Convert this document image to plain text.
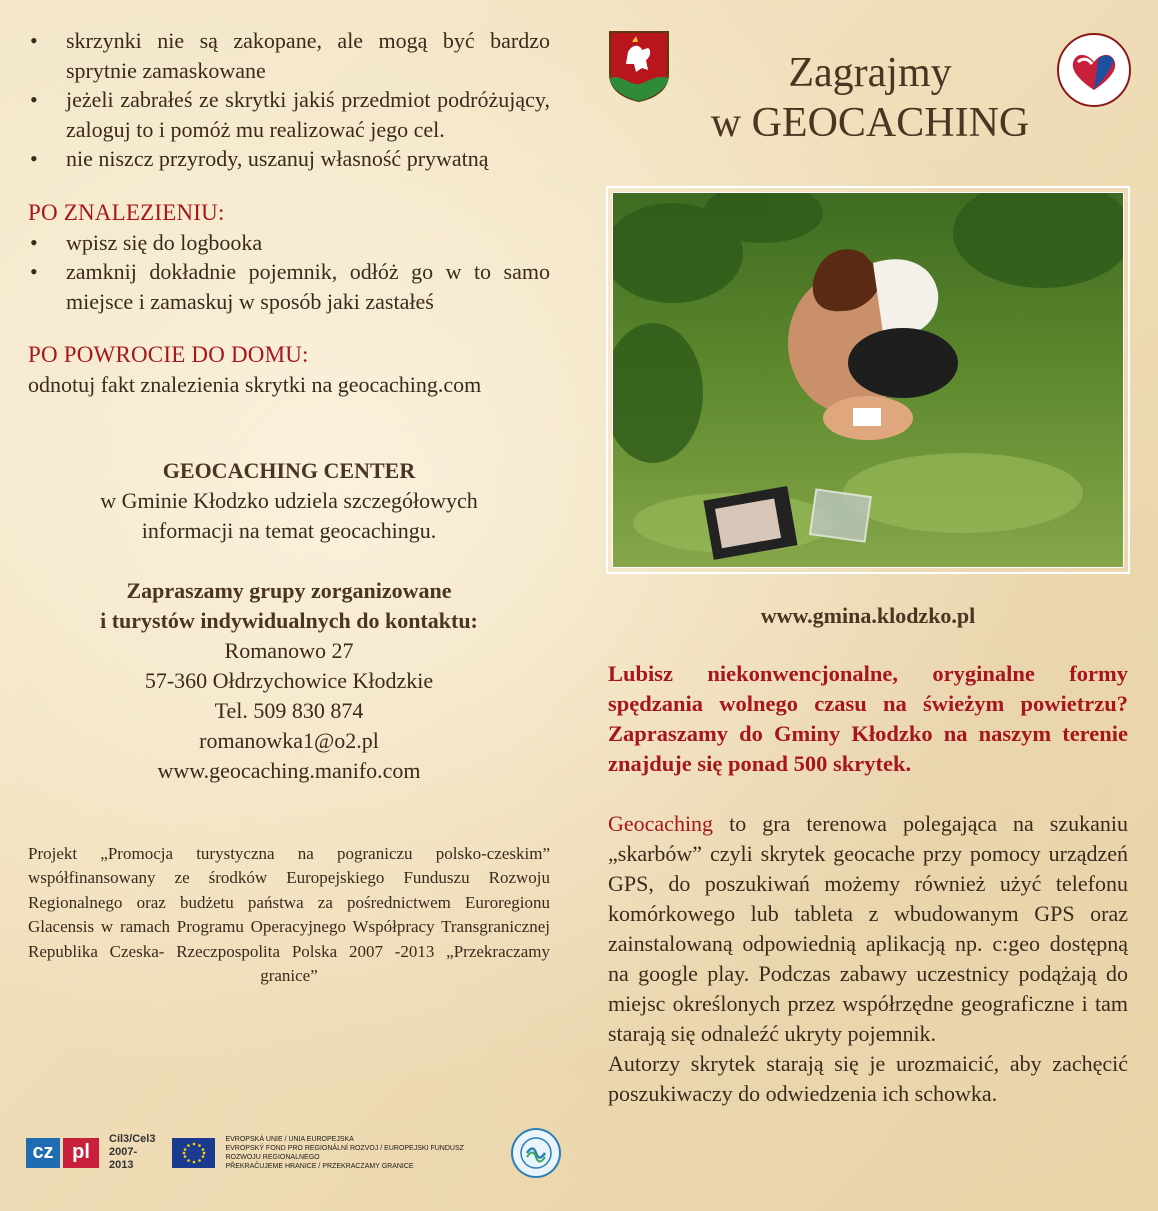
• skrzynki nie są zakopane, ale mogą być bardzo sprytnie zamaskowane
• jeżeli zabrałeś ze skrytki jakiś przedmiot podróżujący, zaloguj to i pomóż mu realizować jego cel.
• nie niszcz przyrody, uszanuj własność prywatną
PO ZNALEZIENIU:
• wpisz się do logbooka
• zamknij dokładnie pojemnik, odłóż go w to samo miejsce i zamaskuj w sposób jaki zastałeś
PO POWROCIE DO DOMU:
odnotuj fakt znalezienia skrytki na geocaching.com
GEOCACHING CENTER
w Gminie Kłodzko udziela szczegółowych
informacji na temat geocachingu.
Zapraszamy grupy zorganizowane
i turystów indywidualnych do kontaktu:
Romanowo 27
57-360 Ołdrzychowice Kłodzkie
Tel. 509 830 874
romanowka1@o2.pl
www.geocaching.manifo.com
Projekt „Promocja turystyczna na pograniczu polsko-czeskim” współfinansowany ze środków Europejskiego Funduszu Rozwoju Regionalnego oraz budżetu państwa za pośrednictwem Euroregionu Glacensis w ramach Programu Operacyjnego Współpracy Transgranicznej Republika Czeska- Rzeczpospolita Polska 2007 -2013 „Przekraczamy granice”
cz pl
Cíl3/Cel3
2007-2013
EVROPSKÁ UNIE / UNIA EUROPEJSKA
EVROPSKÝ FOND PRO REGIONÁLNÍ ROZVOJ / EUROPEJSKI FUNDUSZ ROZWOJU REGIONALNEGO
PŘEKRAČUJEME HRANICE / PRZEKRACZAMY GRANICE
Zagrajmy
w GEOCACHING
www.gmina.klodzko.pl
Lubisz niekonwencjonalne, oryginalne formy spędzania wolnego czasu na świeżym powietrzu? Zapraszamy do Gminy Kłodzko na naszym terenie znajduje się ponad 500 skrytek.
Geocaching to gra terenowa polegająca na szukaniu „skarbów” czyli skrytek geocache przy pomocy urządzeń GPS, do poszukiwań możemy również użyć telefonu komórkowego lub tableta z wbudowanym GPS oraz zainstalowaną odpowiednią aplikacją np. c:geo dostępną na google play. Podczas zabawy uczestnicy podążają do miejsc określonych przez współrzędne geograficzne i tam starają się odnaleźć ukryty pojemnik.
Autorzy skrytek starają się je urozmaicić, aby zachęcić poszukiwaczy do odwiedzenia ich schowka.
